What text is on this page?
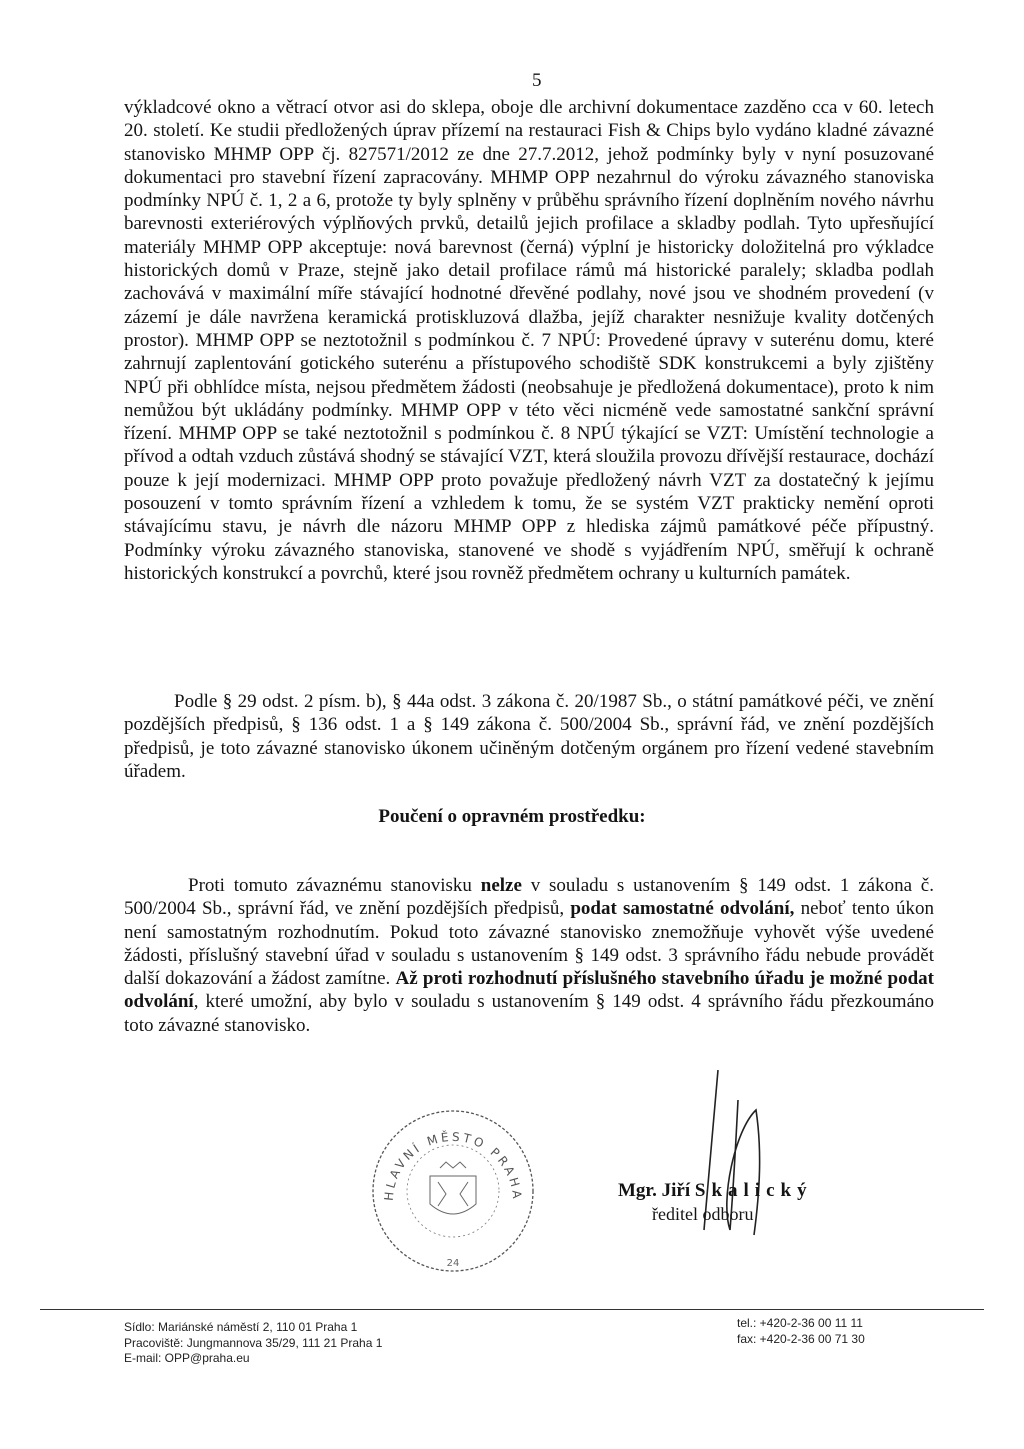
5

výkladcové okno a větrací otvor asi do sklepa, oboje dle archivní dokumentace zazděno cca v 60. letech 20. století. Ke studii předložených úprav přízemí na restauraci Fish & Chips bylo vydáno kladné závazné stanovisko MHMP OPP čj. 827571/2012 ze dne 27.7.2012, jehož podmínky byly v nyní posuzované dokumentaci pro stavební řízení zapracovány. MHMP OPP nezahrnul do výroku závazného stanoviska podmínky NPÚ č. 1, 2 a 6, protože ty byly splněny v průběhu správního řízení doplněním nového návrhu barevnosti exteriérových výplňových prvků, detailů jejich profilace a skladby podlah. Tyto upřesňující materiály MHMP OPP akceptuje: nová barevnost (černá) výplní je historicky doložitelná pro výkladce historických domů v Praze, stejně jako detail profilace rámů má historické paralely; skladba podlah zachovává v maximální míře stávající hodnotné dřevěné podlahy, nové jsou ve shodném provedení (v zázemí je dále navržena keramická protiskluzová dlažba, jejíž charakter nesnižuje kvality dotčených prostor). MHMP OPP se neztotožnil s podmínkou č. 7 NPÚ: Provedené úpravy v suterénu domu, které zahrnují zaplentování gotického suterénu a přístupového schodiště SDK konstrukcemi a byly zjištěny NPÚ při obhlídce místa, nejsou předmětem žádosti (neobsahuje je předložená dokumentace), proto k nim nemůžou být ukládány podmínky. MHMP OPP v této věci nicméně vede samostatné sankční správní řízení. MHMP OPP se také neztotožnil s podmínkou č. 8 NPÚ týkající se VZT: Umístění technologie a přívod a odtah vzduch zůstává shodný se stávající VZT, která sloužila provozu dřívější restaurace, dochází pouze k její modernizaci. MHMP OPP proto považuje předložený návrh VZT za dostatečný k jejímu posouzení v tomto správním řízení a vzhledem k tomu, že se systém VZT prakticky nemění oproti stávajícímu stavu, je návrh dle názoru MHMP OPP z hlediska zájmů památkové péče přípustný. Podmínky výroku závazného stanoviska, stanovené ve shodě s vyjádřením NPÚ, směřují k ochraně historických konstrukcí a povrchů, které jsou rovněž předmětem ochrany u kulturních památek.

Podle § 29 odst. 2 písm. b), § 44a odst. 3 zákona č. 20/1987 Sb., o státní památkové péči, ve znění pozdějších předpisů, § 136 odst. 1 a § 149 zákona č. 500/2004 Sb., správní řád, ve znění pozdějších předpisů, je toto závazné stanovisko úkonem učiněným dotčeným orgánem pro řízení vedené stavebním úřadem.

Poučení o opravném prostředku:

Proti tomuto závaznému stanovisku nelze v souladu s ustanovením § 149 odst. 1 zákona č. 500/2004 Sb., správní řád, ve znění pozdějších předpisů, podat samostatné odvolání, neboť tento úkon není samostatným rozhodnutím. Pokud toto závazné stanovisko znemožňuje vyhovět výše uvedené žádosti, příslušný stavební úřad v souladu s ustanovením § 149 odst. 3 správního řádu nebude provádět další dokazování a žádost zamítne. Až proti rozhodnutí příslušného stavebního úřadu je možné podat odvolání, které umožní, aby bylo v souladu s ustanovením § 149 odst. 4 správního řádu přezkoumáno toto závazné stanovisko.

HLAVNÍ MĚSTO PRAHA
24
Mgr. Jiří Skalický
ředitel odboru
Sídlo: Mariánské náměstí 2, 110 01 Praha 1
Pracoviště: Jungmannova 35/29, 111 21 Praha 1
E-mail: OPP@praha.eu
tel.: +420-2-36 00 11 11
fax: +420-2-36 00 71 30
